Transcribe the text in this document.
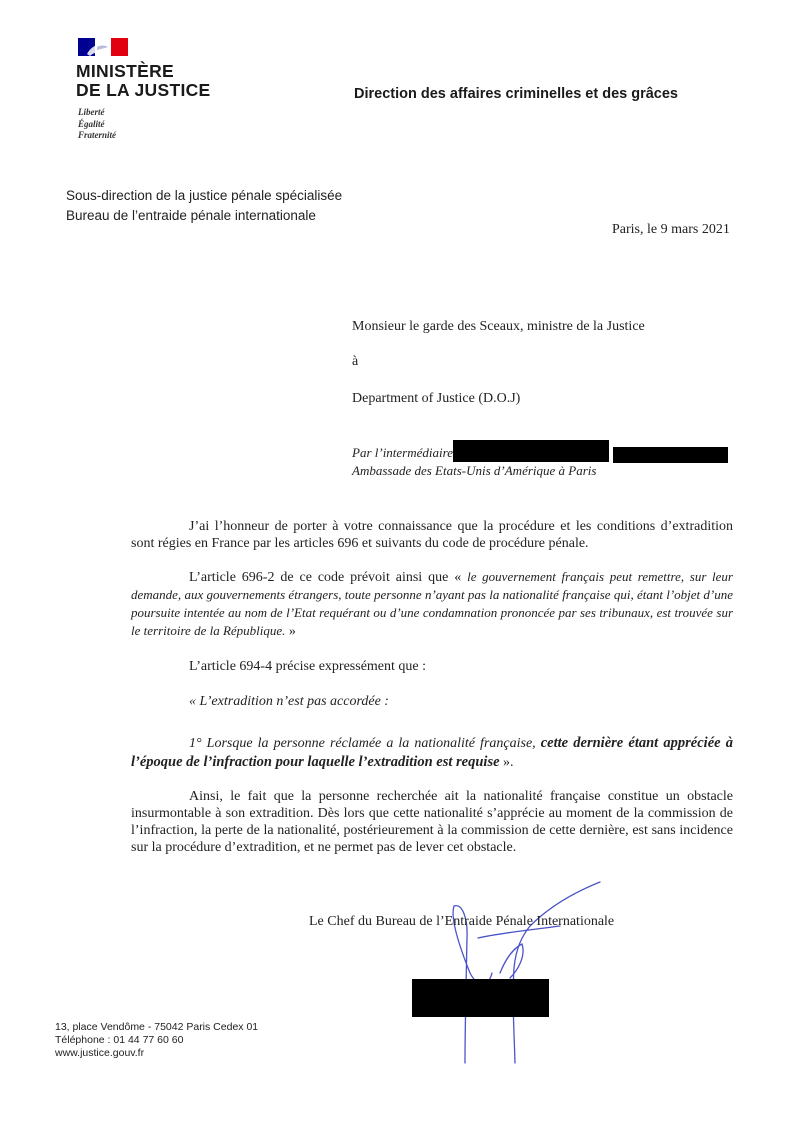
MINISTÈRE
DE LA JUSTICE
Liberté
Égalité
Fraternité
Direction des affaires criminelles et des grâces
Sous-direction de la justice pénale spécialisée
Bureau de l’entraide pénale internationale
Paris, le 9 mars 2021
Monsieur le garde des Sceaux, ministre de la Justice
à
Department of Justice (D.O.J)
Par l’intermédiaire
Ambassade des Etats-Unis d’Amérique à Paris
J’ai l’honneur de porter à votre connaissance que la procédure et les conditions d’extradition sont régies en France par les articles 696 et suivants du code de procédure pénale.
L’article 696-2 de ce code prévoit ainsi que « le gouvernement français peut remettre, sur leur demande, aux gouvernements étrangers, toute personne n’ayant pas la nationalité française qui, étant l’objet d’une poursuite intentée au nom de l’Etat requérant ou d’une condamnation prononcée par ses tribunaux, est trouvée sur le territoire de la République. »
L’article 694-4 précise expressément que :
« L’extradition n’est pas accordée :
1° Lorsque la personne réclamée a la nationalité française, cette dernière étant appréciée à l’époque de l’infraction pour laquelle l’extradition est requise ».
Ainsi, le fait que la personne recherchée ait la nationalité française constitue un obstacle insurmontable à son extradition. Dès lors que cette nationalité s’apprécie au moment de la commission de l’infraction, la perte de la nationalité, postérieurement à la commission de cette dernière, est sans incidence sur la procédure d’extradition, et ne permet pas de lever cet obstacle.
Le Chef du Bureau de l’Entraide Pénale Internationale
13, place Vendôme - 75042 Paris Cedex 01
Téléphone : 01 44 77 60 60
www.justice.gouv.fr
